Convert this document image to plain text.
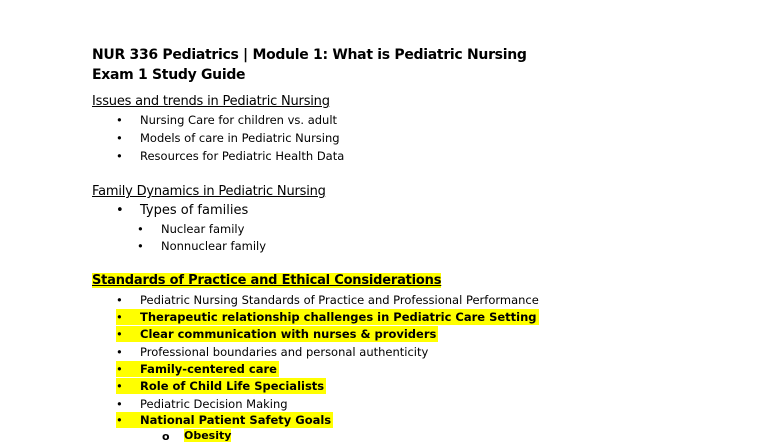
NUR 336 Pediatrics | Module 1: What is Pediatric Nursing
Exam 1 Study Guide
Issues and trends in Pediatric Nursing
•	Nursing Care for children vs. adult
•	Models of care in Pediatric Nursing
•	Resources for Pediatric Health Data
Family Dynamics in Pediatric Nursing
•	Types of families
•	Nuclear family
•	Nonnuclear family
Standards of Practice and Ethical Considerations
•	Pediatric Nursing Standards of Practice and Professional Performance
•	Therapeutic relationship challenges in Pediatric Care Setting
•	Clear communication with nurses & providers
•	Professional boundaries and personal authenticity
•	Family-centered care
•	Role of Child Life Specialists
•	Pediatric Decision Making
•	National Patient Safety Goals
o Obesity
